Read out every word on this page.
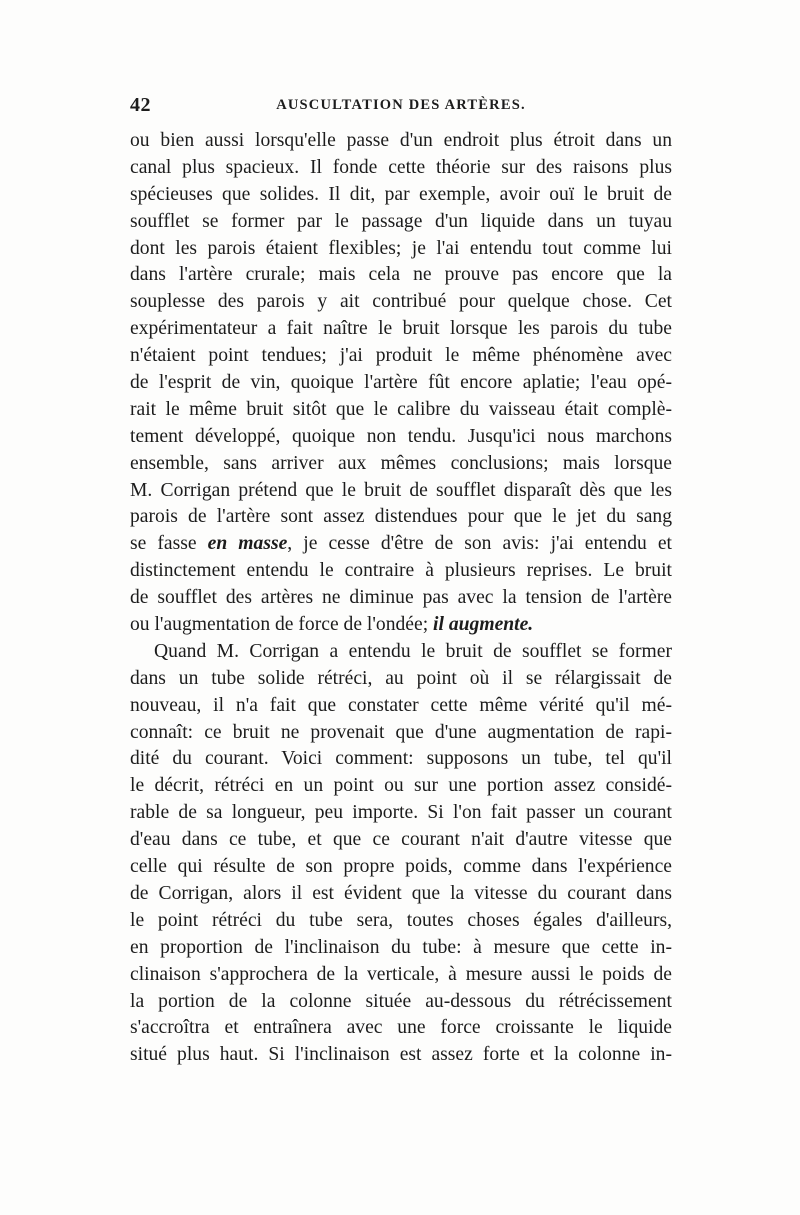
42	AUSCULTATION DES ARTÈRES.
ou bien aussi lorsqu'elle passe d'un endroit plus étroit dans un
canal plus spacieux. Il fonde cette théorie sur des raisons plus
spécieuses que solides. Il dit, par exemple, avoir ouï le bruit de
soufflet se former par le passage d'un liquide dans un tuyau
dont les parois étaient flexibles; je l'ai entendu tout comme lui
dans l'artère crurale; mais cela ne prouve pas encore que la
souplesse des parois y ait contribué pour quelque chose. Cet
expérimentateur a fait naître le bruit lorsque les parois du tube
n'étaient point tendues; j'ai produit le même phénomène avec
de l'esprit de vin, quoique l'artère fût encore aplatie; l'eau opé-
rait le même bruit sitôt que le calibre du vaisseau était complè-
tement développé, quoique non tendu. Jusqu'ici nous marchons
ensemble, sans arriver aux mêmes conclusions; mais lorsque
M. Corrigan prétend que le bruit de soufflet disparaît dès que les
parois de l'artère sont assez distendues pour que le jet du sang
se fasse en masse, je cesse d'être de son avis: j'ai entendu et
distinctement entendu le contraire à plusieurs reprises. Le bruit
de soufflet des artères ne diminue pas avec la tension de l'artère
ou l'augmentation de force de l'ondée; il augmente.
Quand M. Corrigan a entendu le bruit de soufflet se former
dans un tube solide rétréci, au point où il se rélargissait de
nouveau, il n'a fait que constater cette même vérité qu'il mé-
connaît: ce bruit ne provenait que d'une augmentation de rapi-
dité du courant. Voici comment: supposons un tube, tel qu'il
le décrit, rétréci en un point ou sur une portion assez considé-
rable de sa longueur, peu importe. Si l'on fait passer un courant
d'eau dans ce tube, et que ce courant n'ait d'autre vitesse que
celle qui résulte de son propre poids, comme dans l'expérience
de Corrigan, alors il est évident que la vitesse du courant dans
le point rétréci du tube sera, toutes choses égales d'ailleurs,
en proportion de l'inclinaison du tube: à mesure que cette in-
clinaison s'approchera de la verticale, à mesure aussi le poids de
la portion de la colonne située au-dessous du rétrécissement
s'accroîtra et entraînera avec une force croissante le liquide
situé plus haut. Si l'inclinaison est assez forte et la colonne in-
